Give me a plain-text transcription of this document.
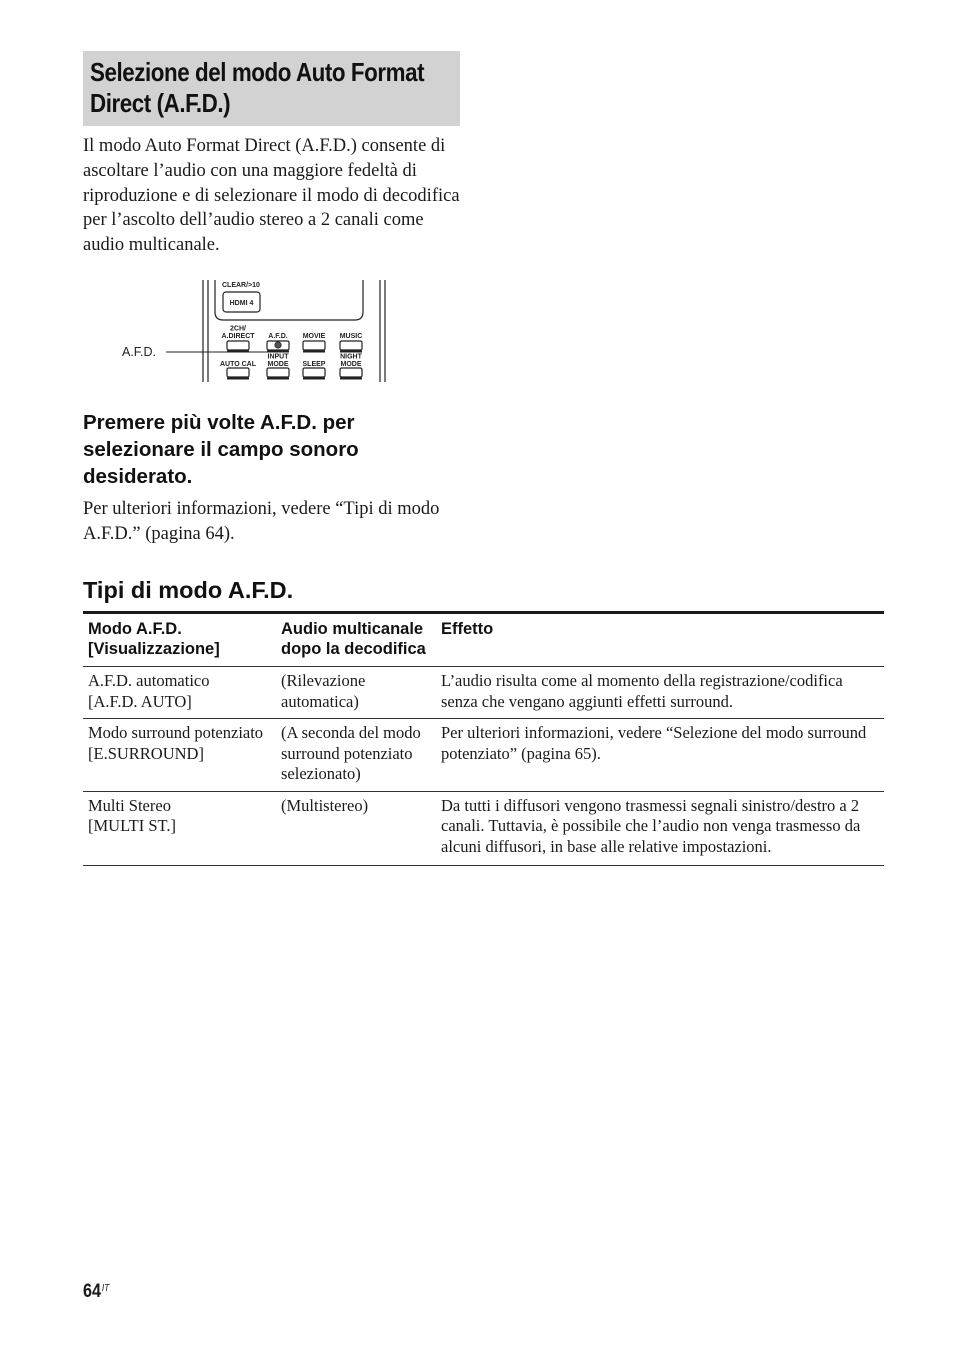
Selezione del modo Auto Format Direct (A.F.D.)

Il modo Auto Format Direct (A.F.D.) consente di ascoltare l’audio con una maggiore fedeltà di riproduzione e di selezionare il modo di decodifica per l’ascolto dell’audio stereo a 2 canali come audio multicanale.

CLEAR/>10
HDMI 4
2CH/
A.DIRECT A.F.D. MOVIE MUSIC
AUTO CAL
INPUT
MODE SLEEP
NIGHT
MODE
A.F.D.
Premere più volte A.F.D. per selezionare il campo sonoro desiderato.

Per ulteriori informazioni, vedere “Tipi di modo A.F.D.” (pagina 64).

Tipi di modo A.F.D.
Modo A.F.D.
[Visualizzazione]	Audio multicanale dopo la decodifica	Effetto
A.F.D. automatico
[A.F.D. AUTO]	(Rilevazione automatica)	L’audio risulta come al momento della registrazione/codifica senza che vengano aggiunti effetti surround.
Modo surround potenziato
[E.SURROUND]	(A seconda del modo surround potenziato selezionato)	Per ulteriori informazioni, vedere “Selezione del modo surround potenziato” (pagina 65).
Multi Stereo
[MULTI ST.]	(Multistereo)	Da tutti i diffusori vengono trasmessi segnali sinistro/destro a 2 canali. Tuttavia, è possibile che l’audio non venga trasmesso da alcuni diffusori, in base alle relative impostazioni.
$64^{IT}$
